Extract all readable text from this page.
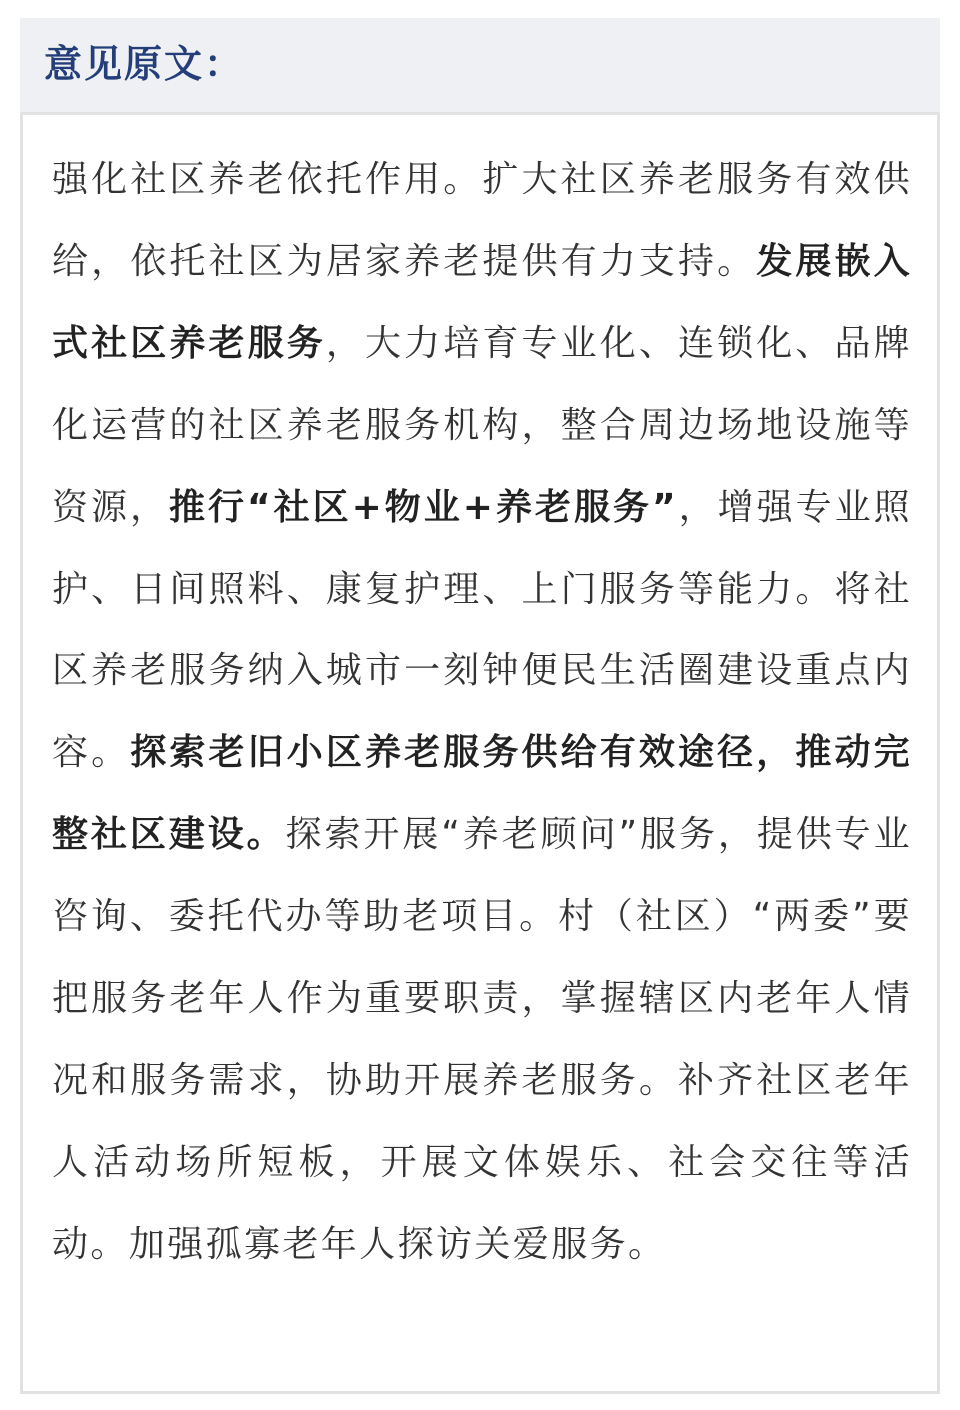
意见原文：

强化社区养老依托作用。扩大社区养老服务有效供给，依托社区为居家养老提供有力支持。发展嵌入式社区养老服务，大力培育专业化、连锁化、品牌化运营的社区养老服务机构，整合周边场地设施等资源，推行“社区+物业+养老服务”，增强专业照护、日间照料、康复护理、上门服务等能力。将社区养老服务纳入城市一刻钟便民生活圈建设重点内容。探索老旧小区养老服务供给有效途径，推动完整社区建设。探索开展“养老顾问”服务，提供专业咨询、委托代办等助老项目。村（社区）“两委”要把服务老年人作为重要职责，掌握辖区内老年人情况和服务需求，协助开展养老服务。补齐社区老年人活动场所短板，开展文体娱乐、社会交往等活动。加强孤寡老年人探访关爱服务。
